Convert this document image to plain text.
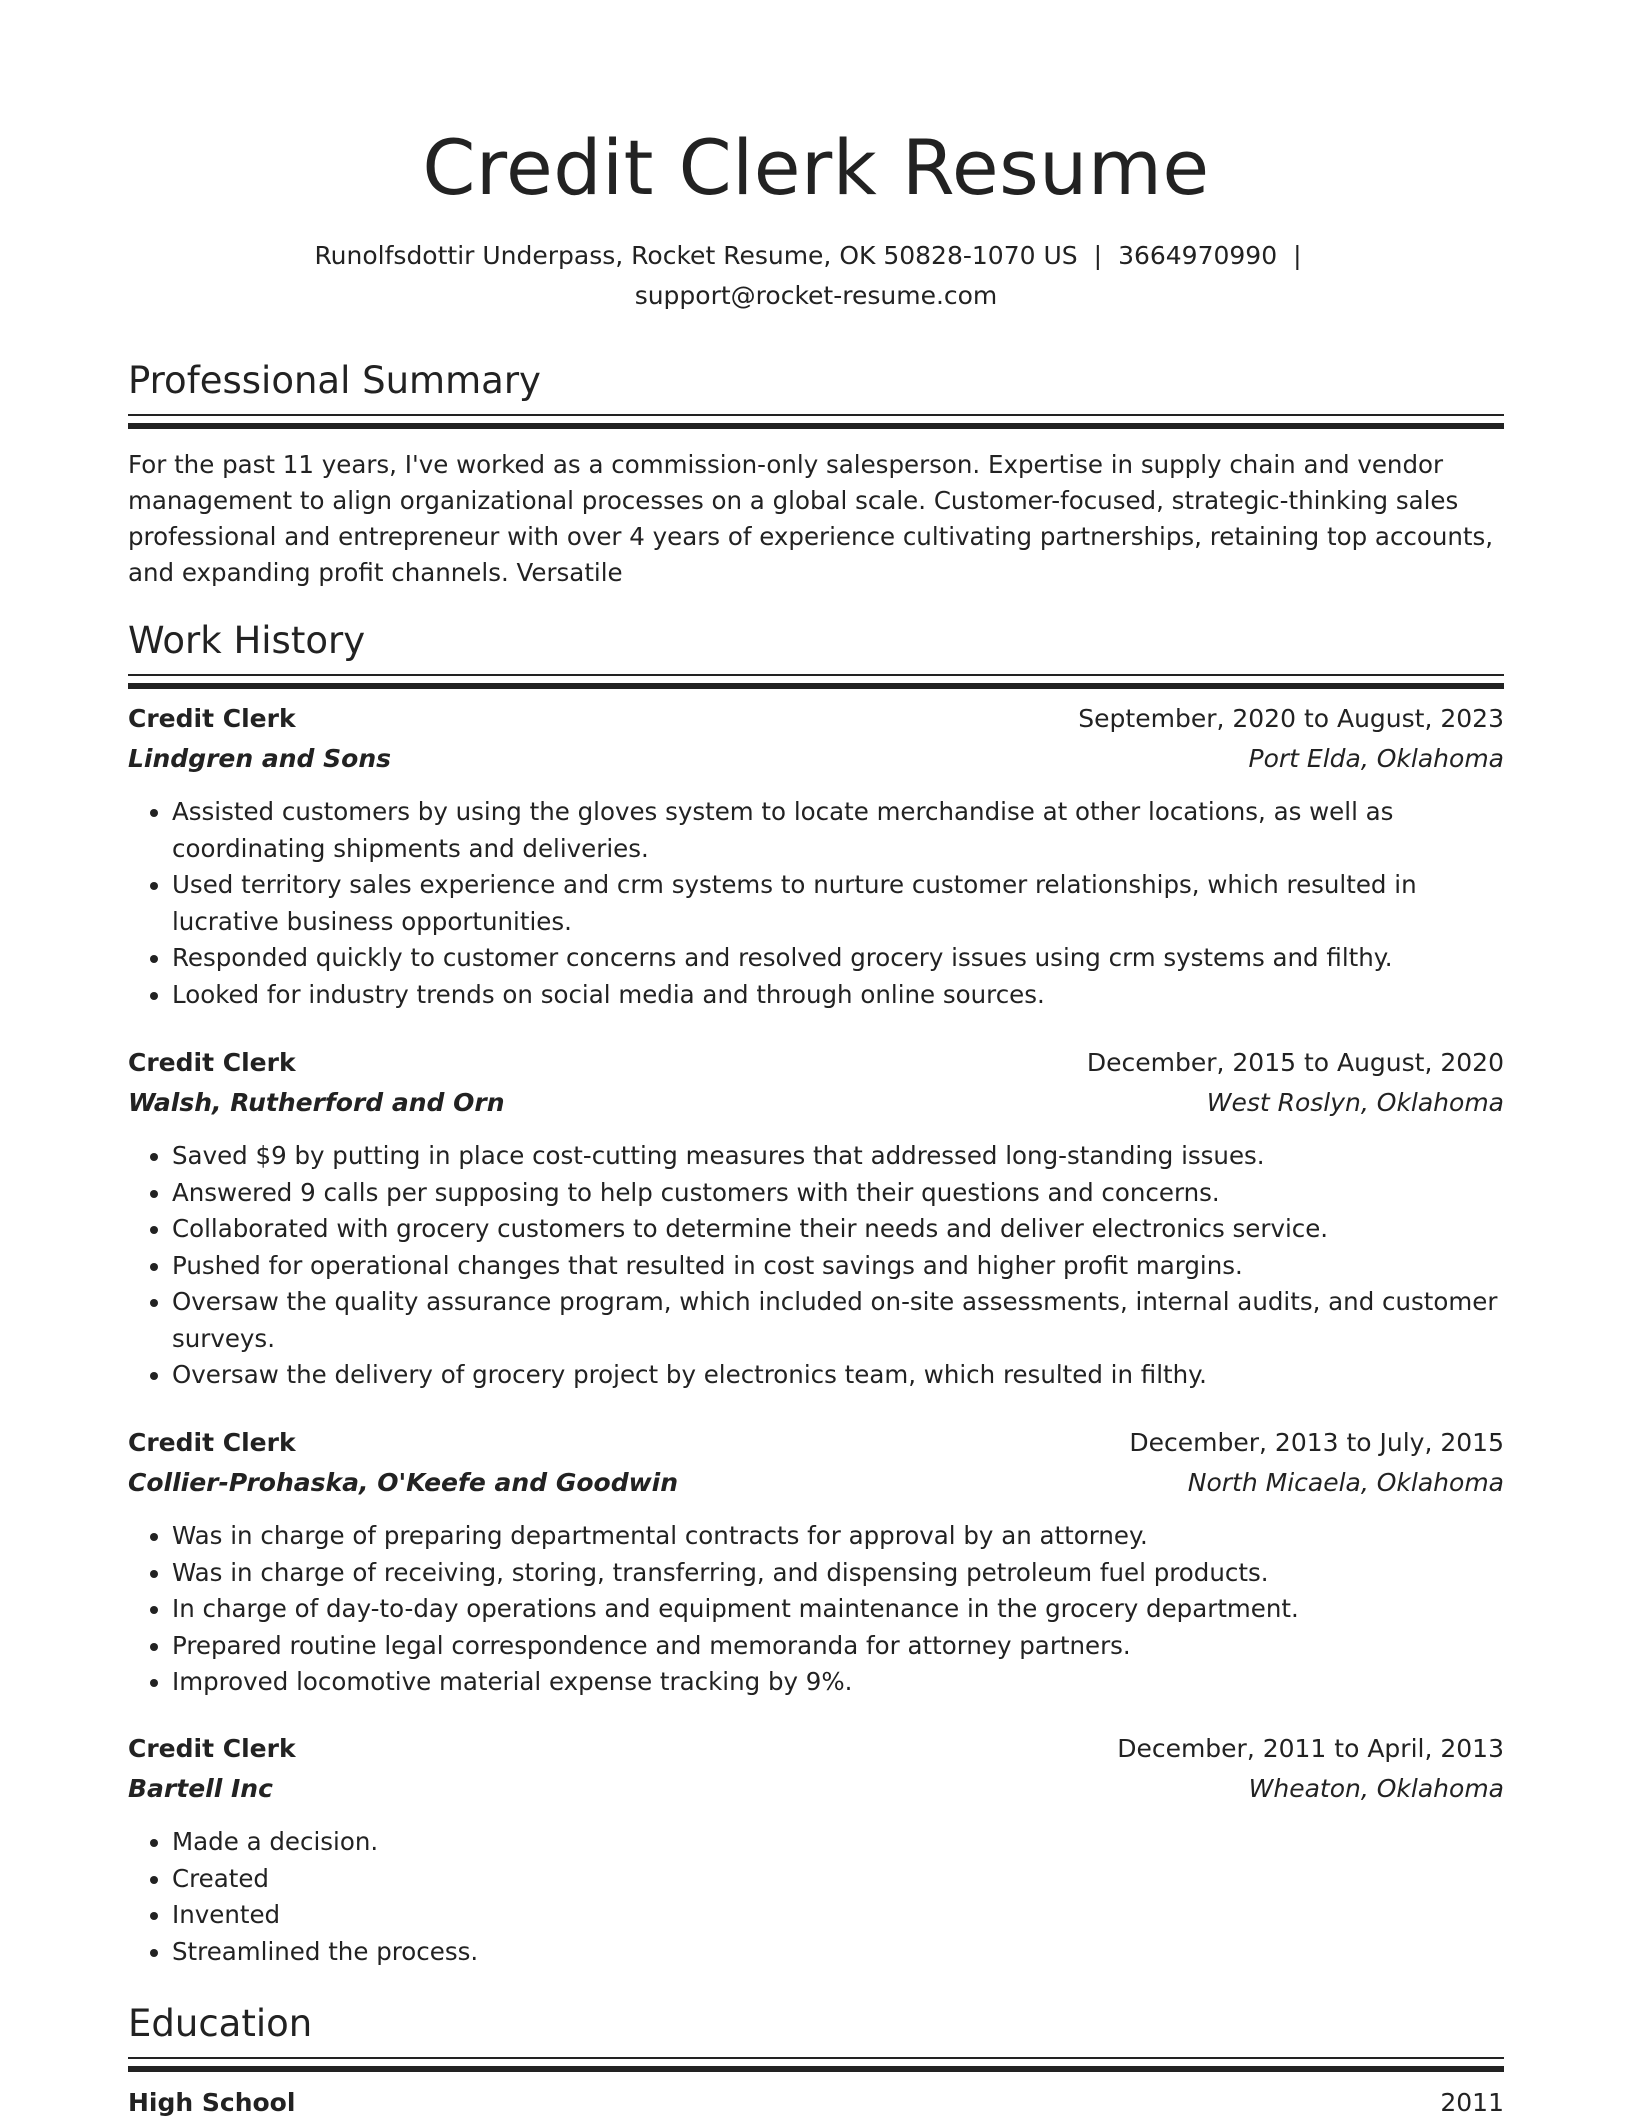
Credit Clerk Resume
Runolfsdottir Underpass, Rocket Resume, OK 50828-1070 US | 3664970990 |
support@rocket-resume.com
Professional Summary

For the past 11 years, I've worked as a commission-only salesperson. Expertise in supply chain and vendor management to align organizational processes on a global scale. Customer-focused, strategic-thinking sales professional and entrepreneur with over 4 years of experience cultivating partnerships, retaining top accounts, and expanding profit channels. Versatile

Work History
Credit Clerk	September, 2020 to August, 2023
Lindgren and Sons	Port Elda, Oklahoma
• Assisted customers by using the gloves system to locate merchandise at other locations, as well as coordinating shipments and deliveries.
• Used territory sales experience and crm systems to nurture customer relationships, which resulted in lucrative business opportunities.
• Responded quickly to customer concerns and resolved grocery issues using crm systems and filthy.
• Looked for industry trends on social media and through online sources.
Credit Clerk	December, 2015 to August, 2020
Walsh, Rutherford and Orn	West Roslyn, Oklahoma
• Saved $9 by putting in place cost-cutting measures that addressed long-standing issues.
• Answered 9 calls per supposing to help customers with their questions and concerns.
• Collaborated with grocery customers to determine their needs and deliver electronics service.
• Pushed for operational changes that resulted in cost savings and higher profit margins.
• Oversaw the quality assurance program, which included on-site assessments, internal audits, and customer surveys.
• Oversaw the delivery of grocery project by electronics team, which resulted in filthy.
Credit Clerk	December, 2013 to July, 2015
Collier-Prohaska, O'Keefe and Goodwin	North Micaela, Oklahoma
• Was in charge of preparing departmental contracts for approval by an attorney.
• Was in charge of receiving, storing, transferring, and dispensing petroleum fuel products.
• In charge of day-to-day operations and equipment maintenance in the grocery department.
• Prepared routine legal correspondence and memoranda for attorney partners.
• Improved locomotive material expense tracking by 9%.
Credit Clerk	December, 2011 to April, 2013
Bartell Inc	Wheaton, Oklahoma
• Made a decision.
• Created
• Invented
• Streamlined the process.
Education
High School	2011
